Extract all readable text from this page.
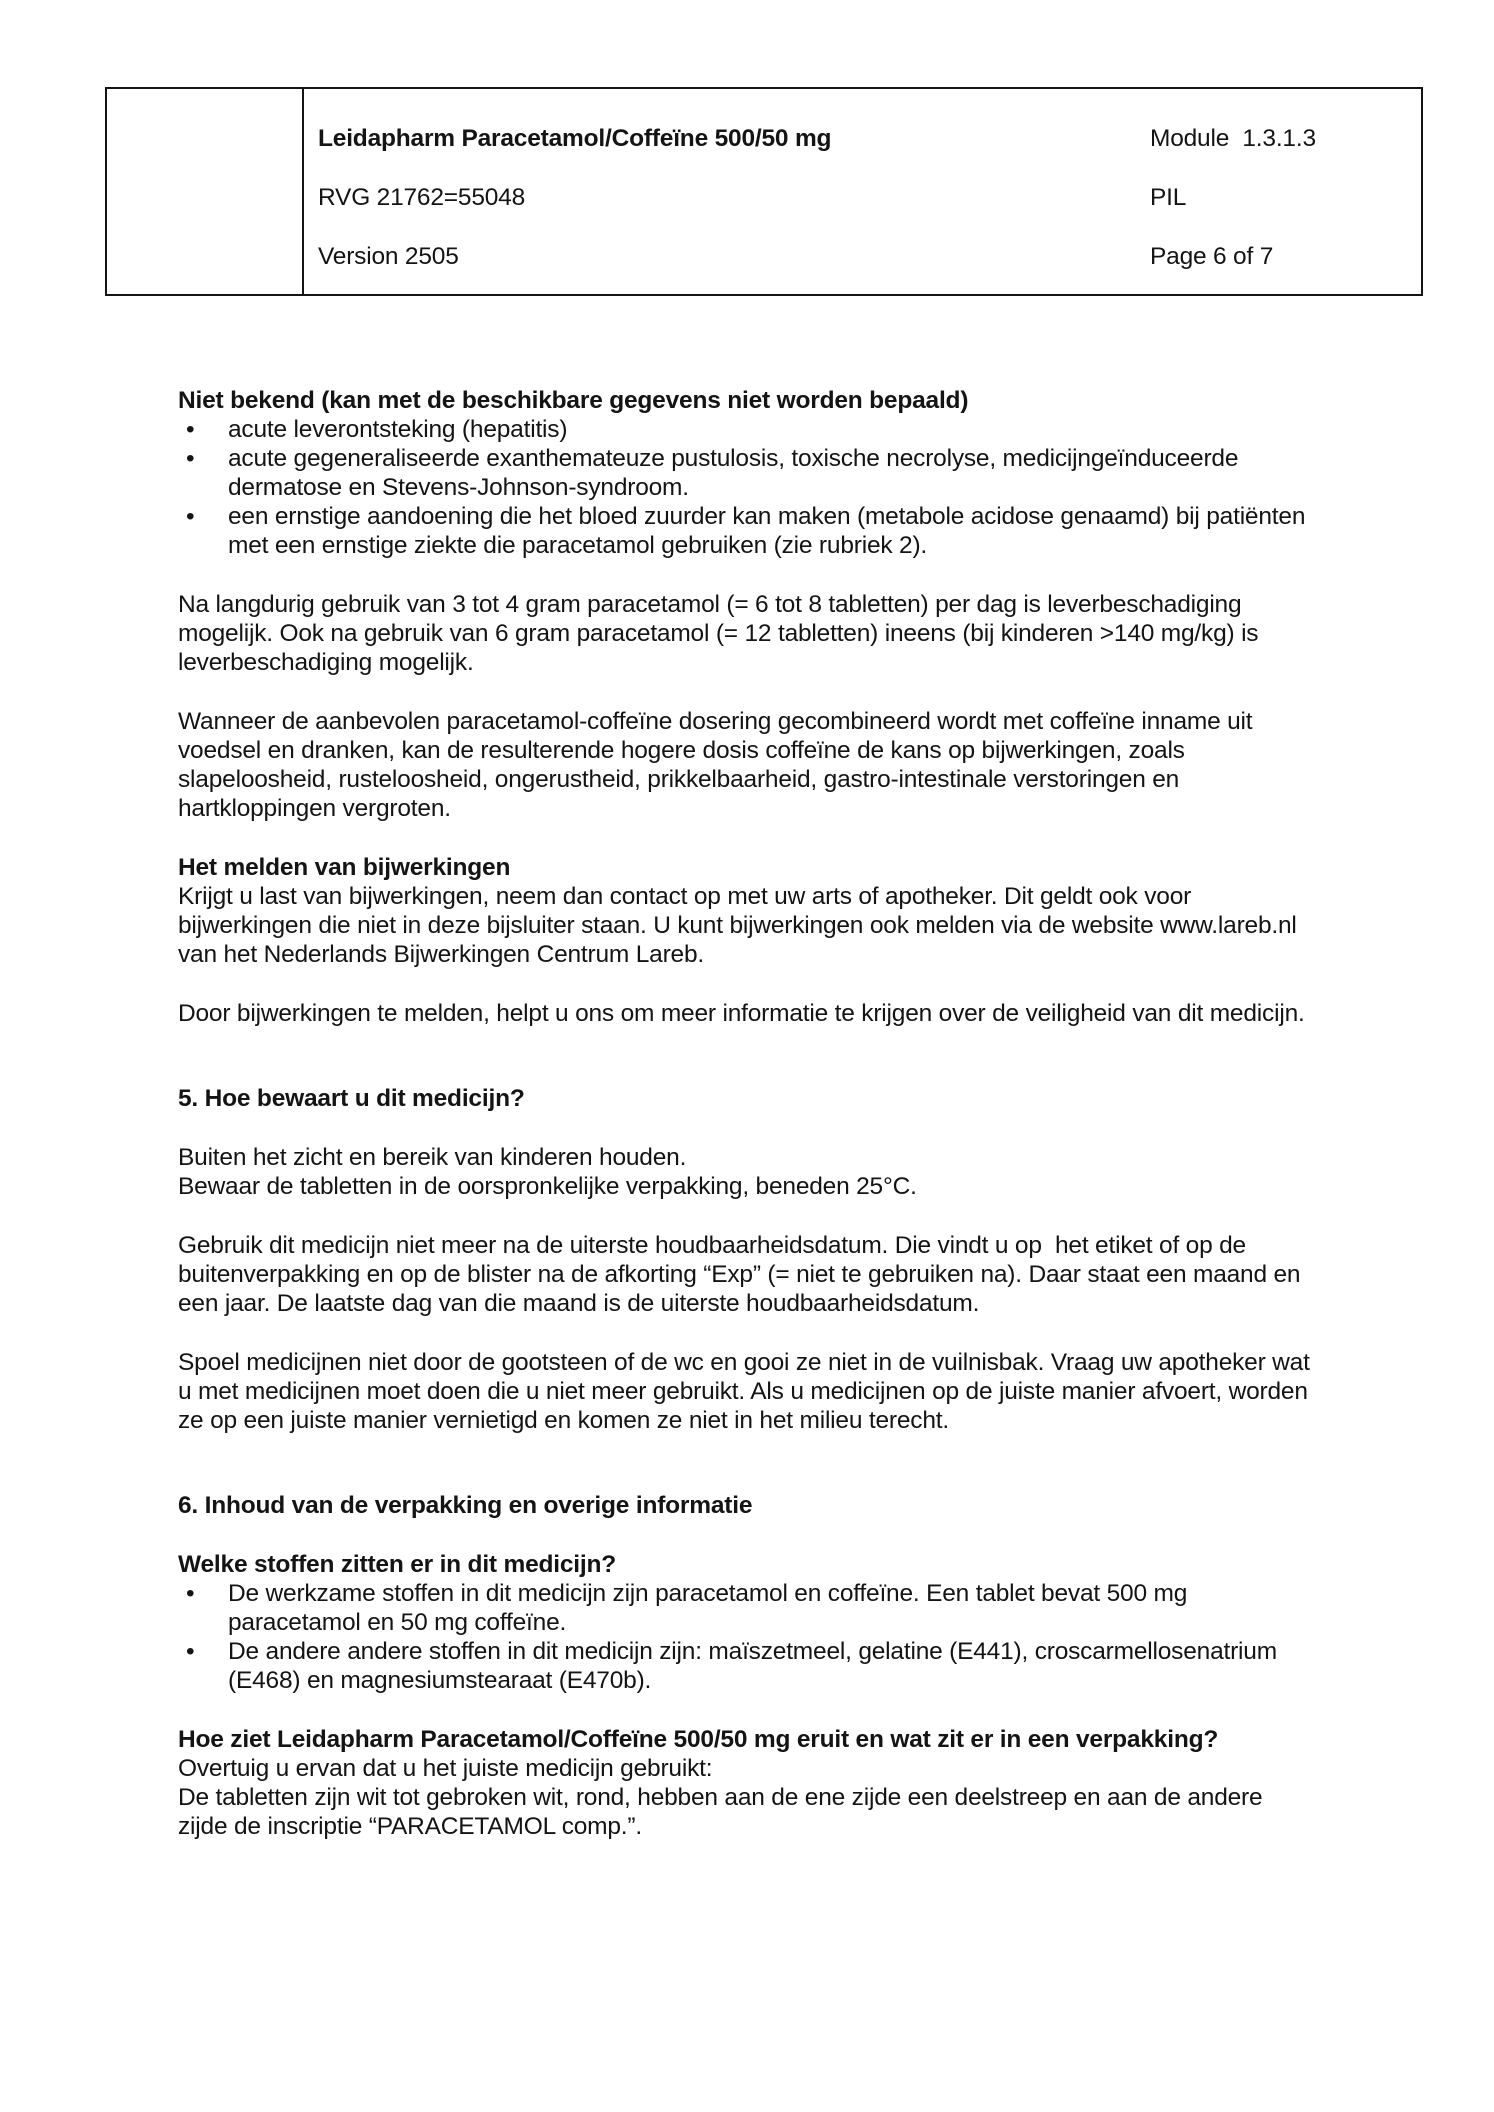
Leidapharm Paracetamol/Coffeïne 500/50 mg	Module  1.3.1.3
RVG 21762=55048	PIL
Version 2505	Page 6 of 7
Niet bekend (kan met de beschikbare gegevens niet worden bepaald)
• acute leverontsteking (hepatitis)
• acute gegeneraliseerde exanthemateuze pustulosis, toxische necrolyse, medicijngeïnduceerde dermatose en Stevens-Johnson-syndroom.
• een ernstige aandoening die het bloed zuurder kan maken (metabole acidose genaamd) bij patiënten met een ernstige ziekte die paracetamol gebruiken (zie rubriek 2).

Na langdurig gebruik van 3 tot 4 gram paracetamol (= 6 tot 8 tabletten) per dag is leverbeschadiging mogelijk. Ook na gebruik van 6 gram paracetamol (= 12 tabletten) ineens (bij kinderen >140 mg/kg) is leverbeschadiging mogelijk.

Wanneer de aanbevolen paracetamol-coffeïne dosering gecombineerd wordt met coffeïne inname uit voedsel en dranken, kan de resulterende hogere dosis coffeïne de kans op bijwerkingen, zoals slapeloosheid, rusteloosheid, ongerustheid, prikkelbaarheid, gastro-intestinale verstoringen en hartkloppingen vergroten.

Het melden van bijwerkingen

Krijgt u last van bijwerkingen, neem dan contact op met uw arts of apotheker. Dit geldt ook voor bijwerkingen die niet in deze bijsluiter staan. U kunt bijwerkingen ook melden via de website www.lareb.nl van het Nederlands Bijwerkingen Centrum Lareb.

Door bijwerkingen te melden, helpt u ons om meer informatie te krijgen over de veiligheid van dit medicijn.

5. Hoe bewaart u dit medicijn?

Buiten het zicht en bereik van kinderen houden.

Bewaar de tabletten in de oorspronkelijke verpakking, beneden 25°C.

Gebruik dit medicijn niet meer na de uiterste houdbaarheidsdatum. Die vindt u op  het etiket of op de buitenverpakking en op de blister na de afkorting “Exp” (= niet te gebruiken na). Daar staat een maand en een jaar. De laatste dag van die maand is de uiterste houdbaarheidsdatum.

Spoel medicijnen niet door de gootsteen of de wc en gooi ze niet in de vuilnisbak. Vraag uw apotheker wat u met medicijnen moet doen die u niet meer gebruikt. Als u medicijnen op de juiste manier afvoert, worden ze op een juiste manier vernietigd en komen ze niet in het milieu terecht.

6. Inhoud van de verpakking en overige informatie
Welke stoffen zitten er in dit medicijn?
• De werkzame stoffen in dit medicijn zijn paracetamol en coffeïne. Een tablet bevat 500 mg paracetamol en 50 mg coffeïne.
• De andere andere stoffen in dit medicijn zijn: maïszetmeel, gelatine (E441), croscarmellosenatrium (E468) en magnesiumstearaat (E470b).
Hoe ziet Leidapharm Paracetamol/Coffeïne 500/50 mg eruit en wat zit er in een verpakking?

Overtuig u ervan dat u het juiste medicijn gebruikt:

De tabletten zijn wit tot gebroken wit, rond, hebben aan de ene zijde een deelstreep en aan de andere zijde de inscriptie “PARACETAMOL comp.”.
